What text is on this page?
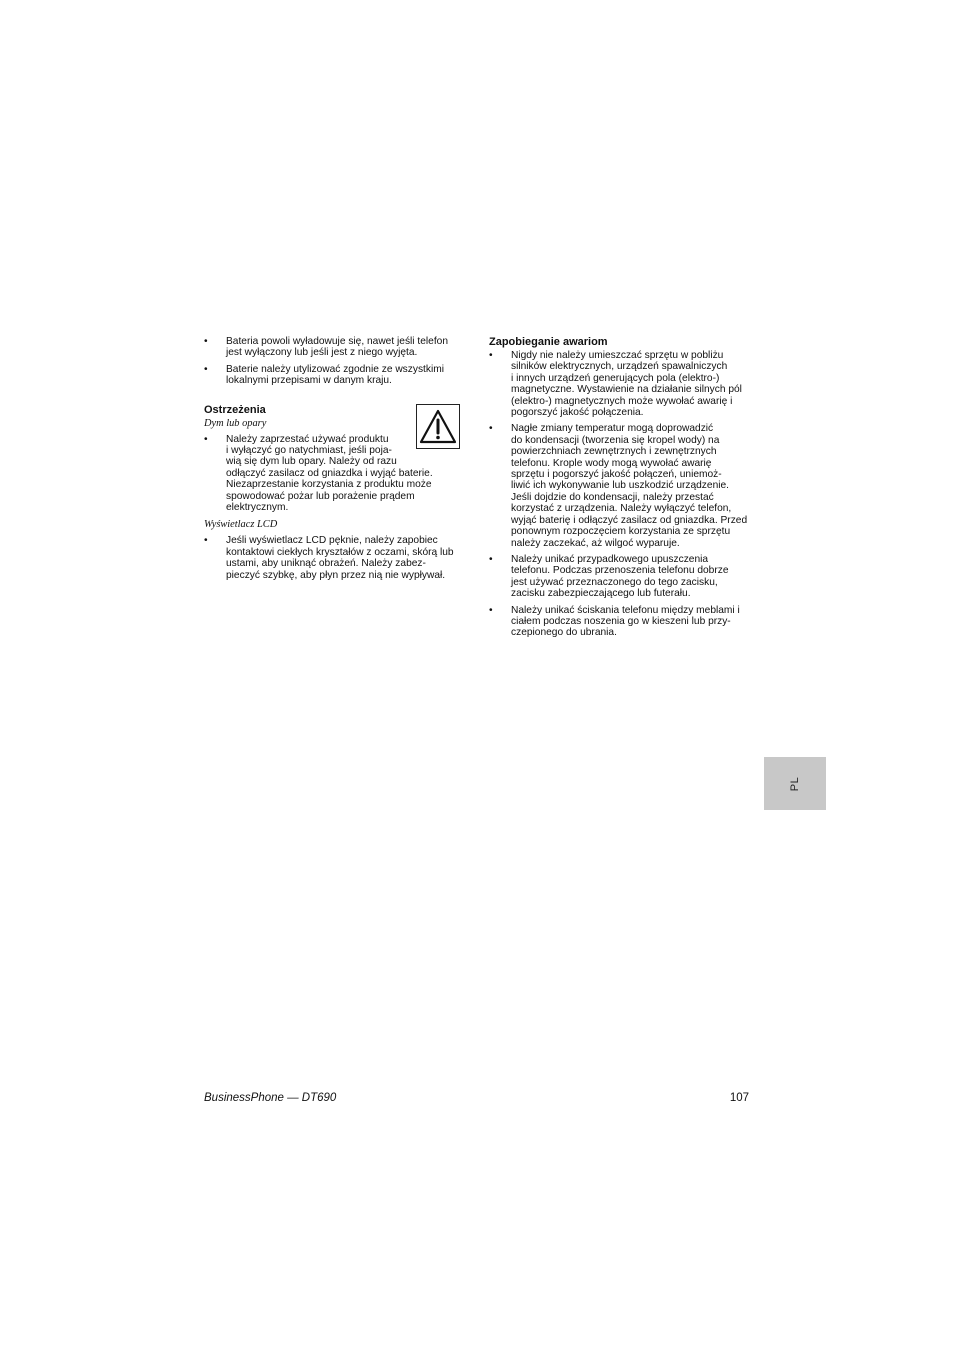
• Bateria powoli wyładowuje się, nawet jeśli telefon
jest wyłączony lub jeśli jest z niego wyjęta.
• Baterie należy utylizować zgodnie ze wszystkimi
lokalnymi przepisami w danym kraju.
Ostrzeżenia
Dym lub opary
• Należy zaprzestać używać produktu
i wyłączyć go natychmiast, jeśli poja-
wią się dym lub opary. Należy od razu
odłączyć zasilacz od gniazdka i wyjąć baterie.
Niezaprzestanie korzystania z produktu może
spowodować pożar lub porażenie prądem
elektrycznym.
Wyświetlacz LCD
• Jeśli wyświetlacz LCD pęknie, należy zapobiec
kontaktowi ciekłych kryształów z oczami, skórą lub
ustami, aby uniknąć obrażeń. Należy zabez-
pieczyć szybkę, aby płyn przez nią nie wypływał.
Zapobieganie awariom
• Nigdy nie należy umieszczać sprzętu w pobliżu
silników elektrycznych, urządzeń spawalniczych
i innych urządzeń generujących pola (elektro-)
magnetyczne. Wystawienie na działanie silnych pól
(elektro-) magnetycznych może wywołać awarię i
pogorszyć jakość połączenia.
• Nagłe zmiany temperatur mogą doprowadzić
do kondensacji (tworzenia się kropel wody) na
powierzchniach zewnętrznych i zewnętrznych
telefonu. Krople wody mogą wywołać awarię
sprzętu i pogorszyć jakość połączeń, uniemoż-
liwić ich wykonywanie lub uszkodzić urządzenie.
Jeśli dojdzie do kondensacji, należy przestać
korzystać z urządzenia. Należy wyłączyć telefon,
wyjąć baterię i odłączyć zasilacz od gniazdka. Przed
ponownym rozpoczęciem korzystania ze sprzętu
należy zaczekać, aż wilgoć wyparuje.
• Należy unikać przypadkowego upuszczenia
telefonu. Podczas przenoszenia telefonu dobrze
jest używać przeznaczonego do tego zacisku,
zacisku zabezpieczającego lub futerału.
• Należy unikać ściskania telefonu między meblami i
ciałem podczas noszenia go w kieszeni lub przy-
czepionego do ubrania.
PL
BusinessPhone — DT690	107
